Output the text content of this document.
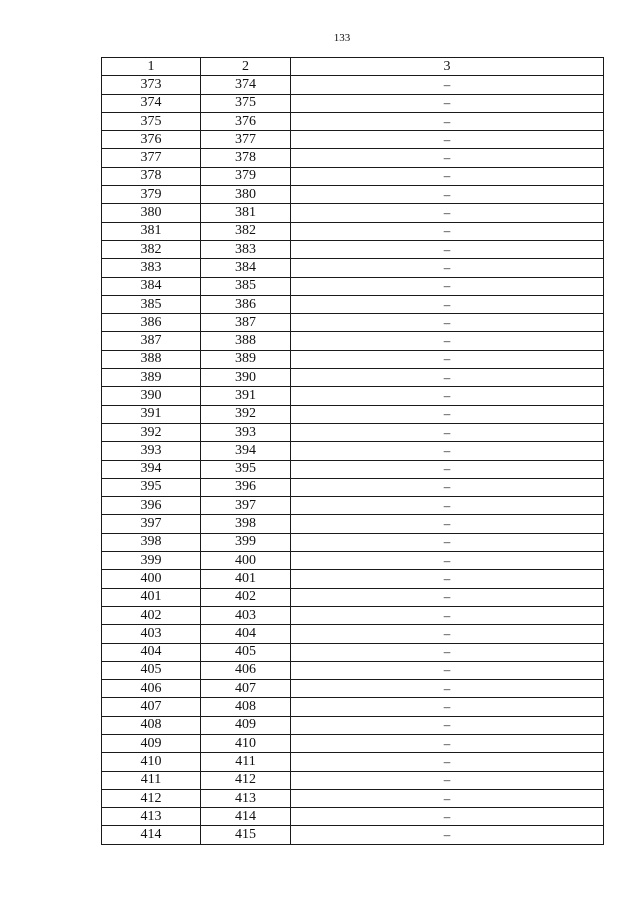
133
1	2	3
373	374	–
374	375	–
375	376	–
376	377	–
377	378	–
378	379	–
379	380	–
380	381	–
381	382	–
382	383	–
383	384	–
384	385	–
385	386	–
386	387	–
387	388	–
388	389	–
389	390	–
390	391	–
391	392	–
392	393	–
393	394	–
394	395	–
395	396	–
396	397	–
397	398	–
398	399	–
399	400	–
400	401	–
401	402	–
402	403	–
403	404	–
404	405	–
405	406	–
406	407	–
407	408	–
408	409	–
409	410	–
410	411	–
411	412	–
412	413	–
413	414	–
414	415	–
